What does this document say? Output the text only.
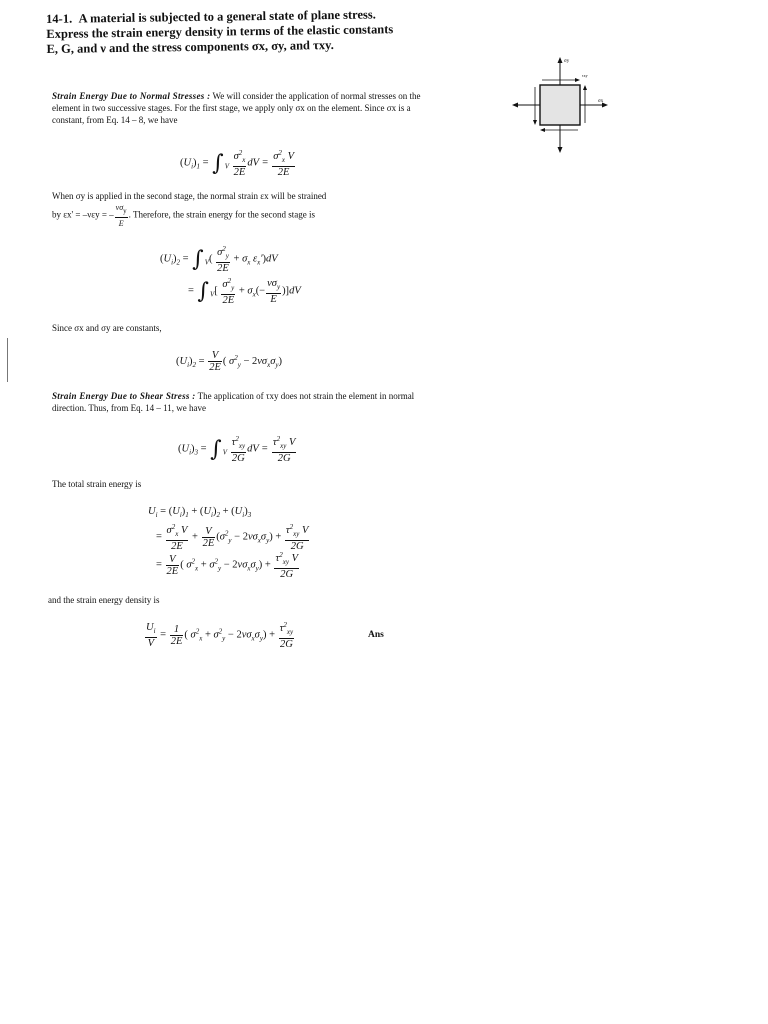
14-1. A material is subjected to a general state of plane stress. Express the strain energy density in terms of the elastic constants E, G, and ν and the stress components σx, σy, and τxy.
σy
τxy
σx
Strain Energy Due to Normal Stresses : We will consider the application of normal stresses on the element in two successive stages. For the first stage, we apply only σx on the element. Since σx is a constant, from Eq. 14 – 8, we have
$(U_i)_1 = \int_V \frac{\sigma^2_x}{2E}$ dV = $\frac{\sigma^2_x V}{2E}$
When σy is applied in the second stage, the normal strain εx will be strained
by εx' = –νεy = – $\frac{\text{νσy}}{E}$ . Therefore, the strain energy for the second stage is
$(U_i)_2 = \int_V( \frac{\sigma^2_y}{2E} + \sigma_x$ $\varepsilon_x')dV$
= $\int_V[ \frac{\sigma^2_y}{2E} + \sigma_x(- \frac{\nu\sigma_y}{E} )]dV$
Since σx and σy are constants,
$(U_i)_2 = \frac{V}{2E}$ ( $\sigma^2_y - 2\nu\sigma_x\sigma_y$)
Strain Energy Due to Shear Stress : The application of τxy does not strain the element in normal direction. Thus, from Eq. 14 – 11, we have
$(U_i)_3 = \int_V \frac{\tau^2_{xy}}{2G}$ dV = $\frac{\tau^2_{xy} V}{2G}$
The total strain energy is
$U_i = (U_i)_1 + (U_i)_2 + (U_i)_3$
= $\frac{\sigma^2_x V}{2E} + \frac{V}{2E} (\sigma^2_y - 2\nu\sigma_x\sigma_y) + \frac{\tau^2_{xy} V}{2G}$
= $\frac{V}{2E}$ ( $\sigma^2_x + \sigma^2_y - 2\nu\sigma_x\sigma_y) + \frac{\tau^2_{xy} V}{2G}$
and the strain energy density is
$\frac{U_i}{V} = \frac{1}{2E}$ ( $\sigma^2_x + \sigma^2_y - 2\nu\sigma_x\sigma_y) + \frac{\tau^2_{xy}}{2G}$	Ans
